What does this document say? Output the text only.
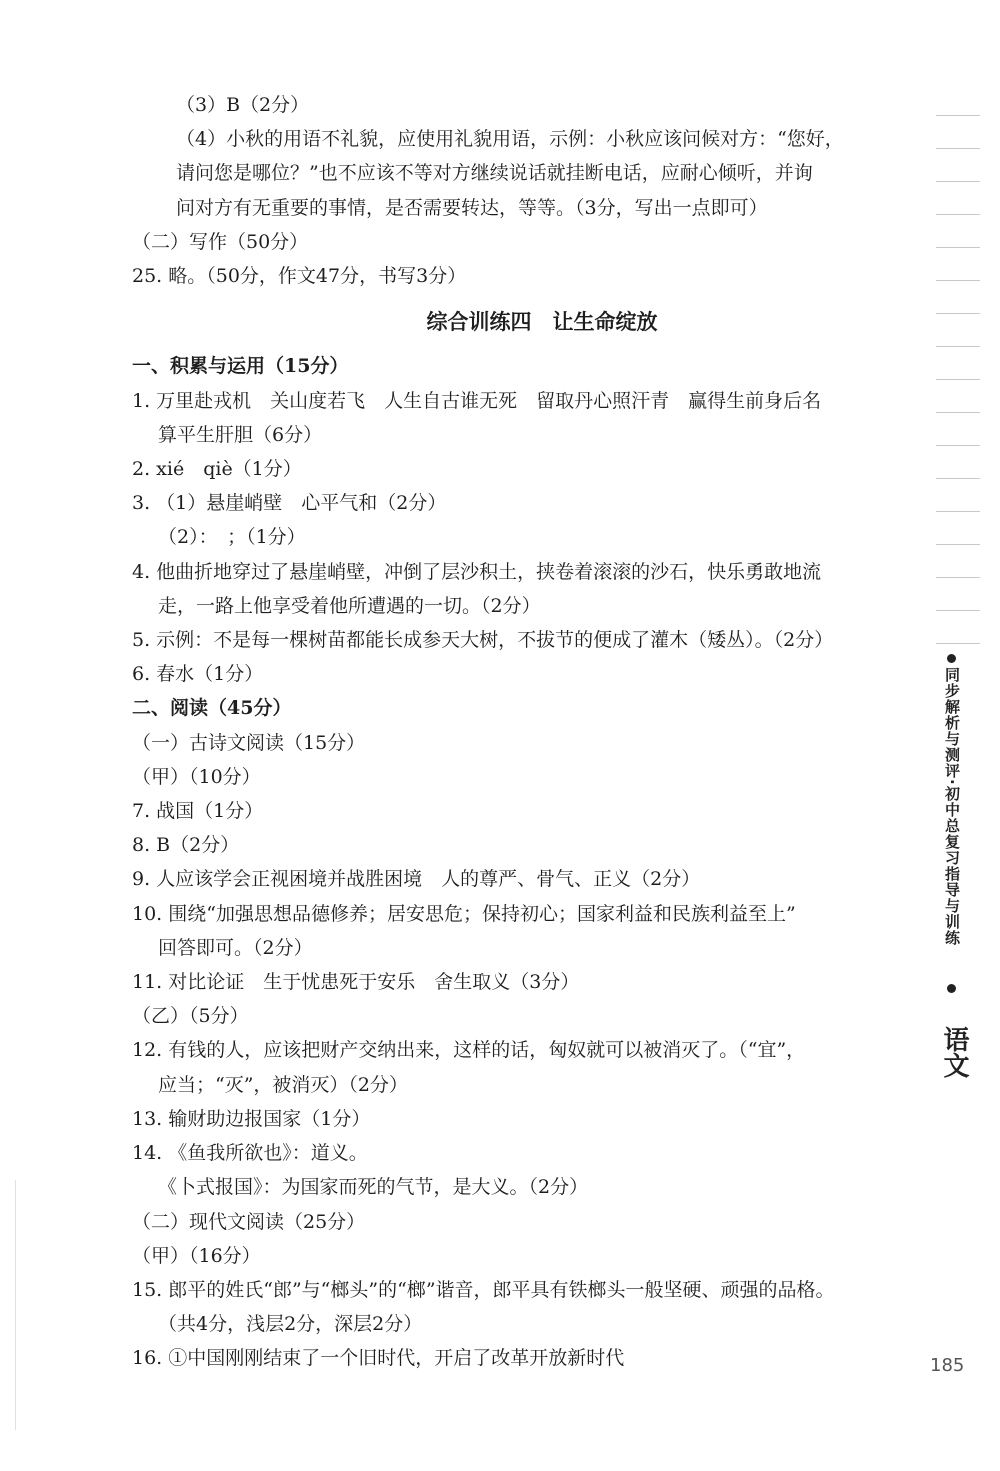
（3）B（2分）
（4）小秋的用语不礼貌，应使用礼貌用语，示例：小秋应该问候对方：“您好，
请问您是哪位？”也不应该不等对方继续说话就挂断电话，应耐心倾听，并询
问对方有无重要的事情，是否需要转达，等等。（3分，写出一点即可）
（二）写作（50分）
25. 略。（50分，作文47分，书写3分）
综合训练四　让生命绽放
一、积累与运用（15分）
1. 万里赴戎机　关山度若飞　人生自古谁无死　留取丹心照汗青　赢得生前身后名
算平生肝胆（6分）
2. xié　qiè（1分）
3. （1）悬崖峭壁　心平气和（2分）
（2）：　；（1分）
4. 他曲折地穿过了悬崖峭壁，冲倒了层沙积土，挟卷着滚滚的沙石，快乐勇敢地流
走，一路上他享受着他所遭遇的一切。（2分）
5. 示例：不是每一棵树苗都能长成参天大树，不拔节的便成了灌木（矮丛）。（2分）
6. 春水（1分）
二、阅读（45分）
（一）古诗文阅读（15分）
（甲）（10分）
7. 战国（1分）
8. B（2分）
9. 人应该学会正视困境并战胜困境　人的尊严、骨气、正义（2分）
10. 围绕“加强思想品德修养；居安思危；保持初心；国家利益和民族利益至上”
回答即可。（2分）
11. 对比论证　生于忧患死于安乐　舍生取义（3分）
（乙）（5分）
12. 有钱的人，应该把财产交纳出来，这样的话，匈奴就可以被消灭了。（“宜”，
应当；“灭”，被消灭）（2分）
13. 输财助边报国家（1分）
14. 《鱼我所欲也》：道义。
《卜式报国》：为国家而死的气节，是大义。（2分）
（二）现代文阅读（25分）
（甲）（16分）
15. 郎平的姓氏“郎”与“榔头”的“榔”谐音，郎平具有铁榔头一般坚硬、顽强的品格。
（共4分，浅层2分，深层2分）
16. ①中国刚刚结束了一个旧时代，开启了改革开放新时代
同步解析与测评·初中总复习指导与训练
语文
185
